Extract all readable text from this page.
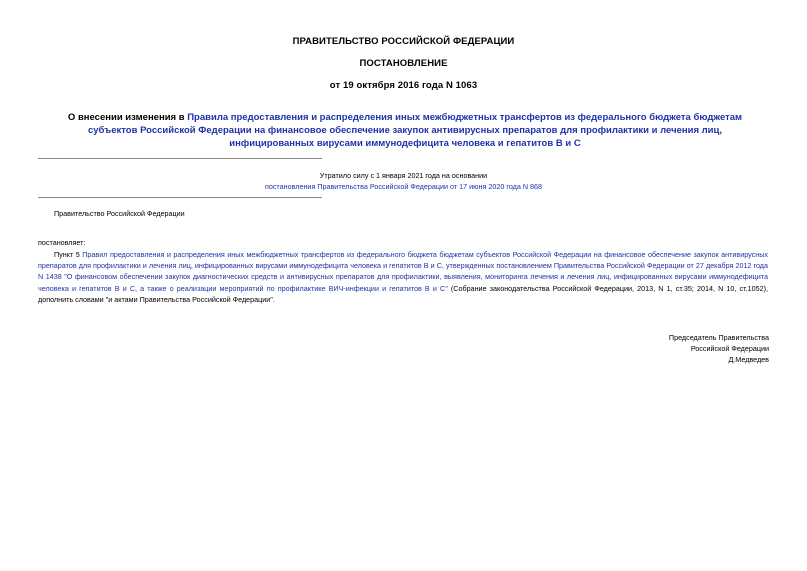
ПРАВИТЕЛЬСТВО РОССИЙСКОЙ ФЕДЕРАЦИИ
ПОСТАНОВЛЕНИЕ
от 19 октября 2016 года N 1063
О внесении изменения в Правила предоставления и распределения иных межбюджетных трансфертов из федерального бюджета бюджетам субъектов Российской Федерации на финансовое обеспечение закупок антивирусных препаратов для профилактики и лечения лиц, инфицированных вирусами иммунодефицита человека и гепатитов В и С
Утратило силу с 1 января 2021 года на основании
постановления Правительства Российской Федерации от 17 июня 2020 года N 868
Правительство Российской Федерации
постановляет:
Пункт 5 Правил предоставления и распределения иных межбюджетных трансфертов из федерального бюджета бюджетам субъектов Российской Федерации на финансовое обеспечение закупок антивирусных препаратов для профилактики и лечения лиц, инфицированных вирусами иммунодефицита человека и гепатитов В и С, утвержденных постановлением Правительства Российской Федерации от 27 декабря 2012 года N 1438 "О финансовом обеспечении закупок диагностических средств и антивирусных препаратов для профилактики, выявления, мониторинга лечения и лечения лиц, инфицированных вирусами иммунодефицита человека и гепатитов В и С, а также о реализации мероприятий по профилактике ВИЧ-инфекции и гепатитов В и С" (Собрание законодательства Российской Федерации, 2013, N 1, ст.35; 2014, N 10, ст.1052), дополнить словами "и актами Правительства Российской Федерации".
Председатель Правительства
Российской Федерации
Д.Медведев
